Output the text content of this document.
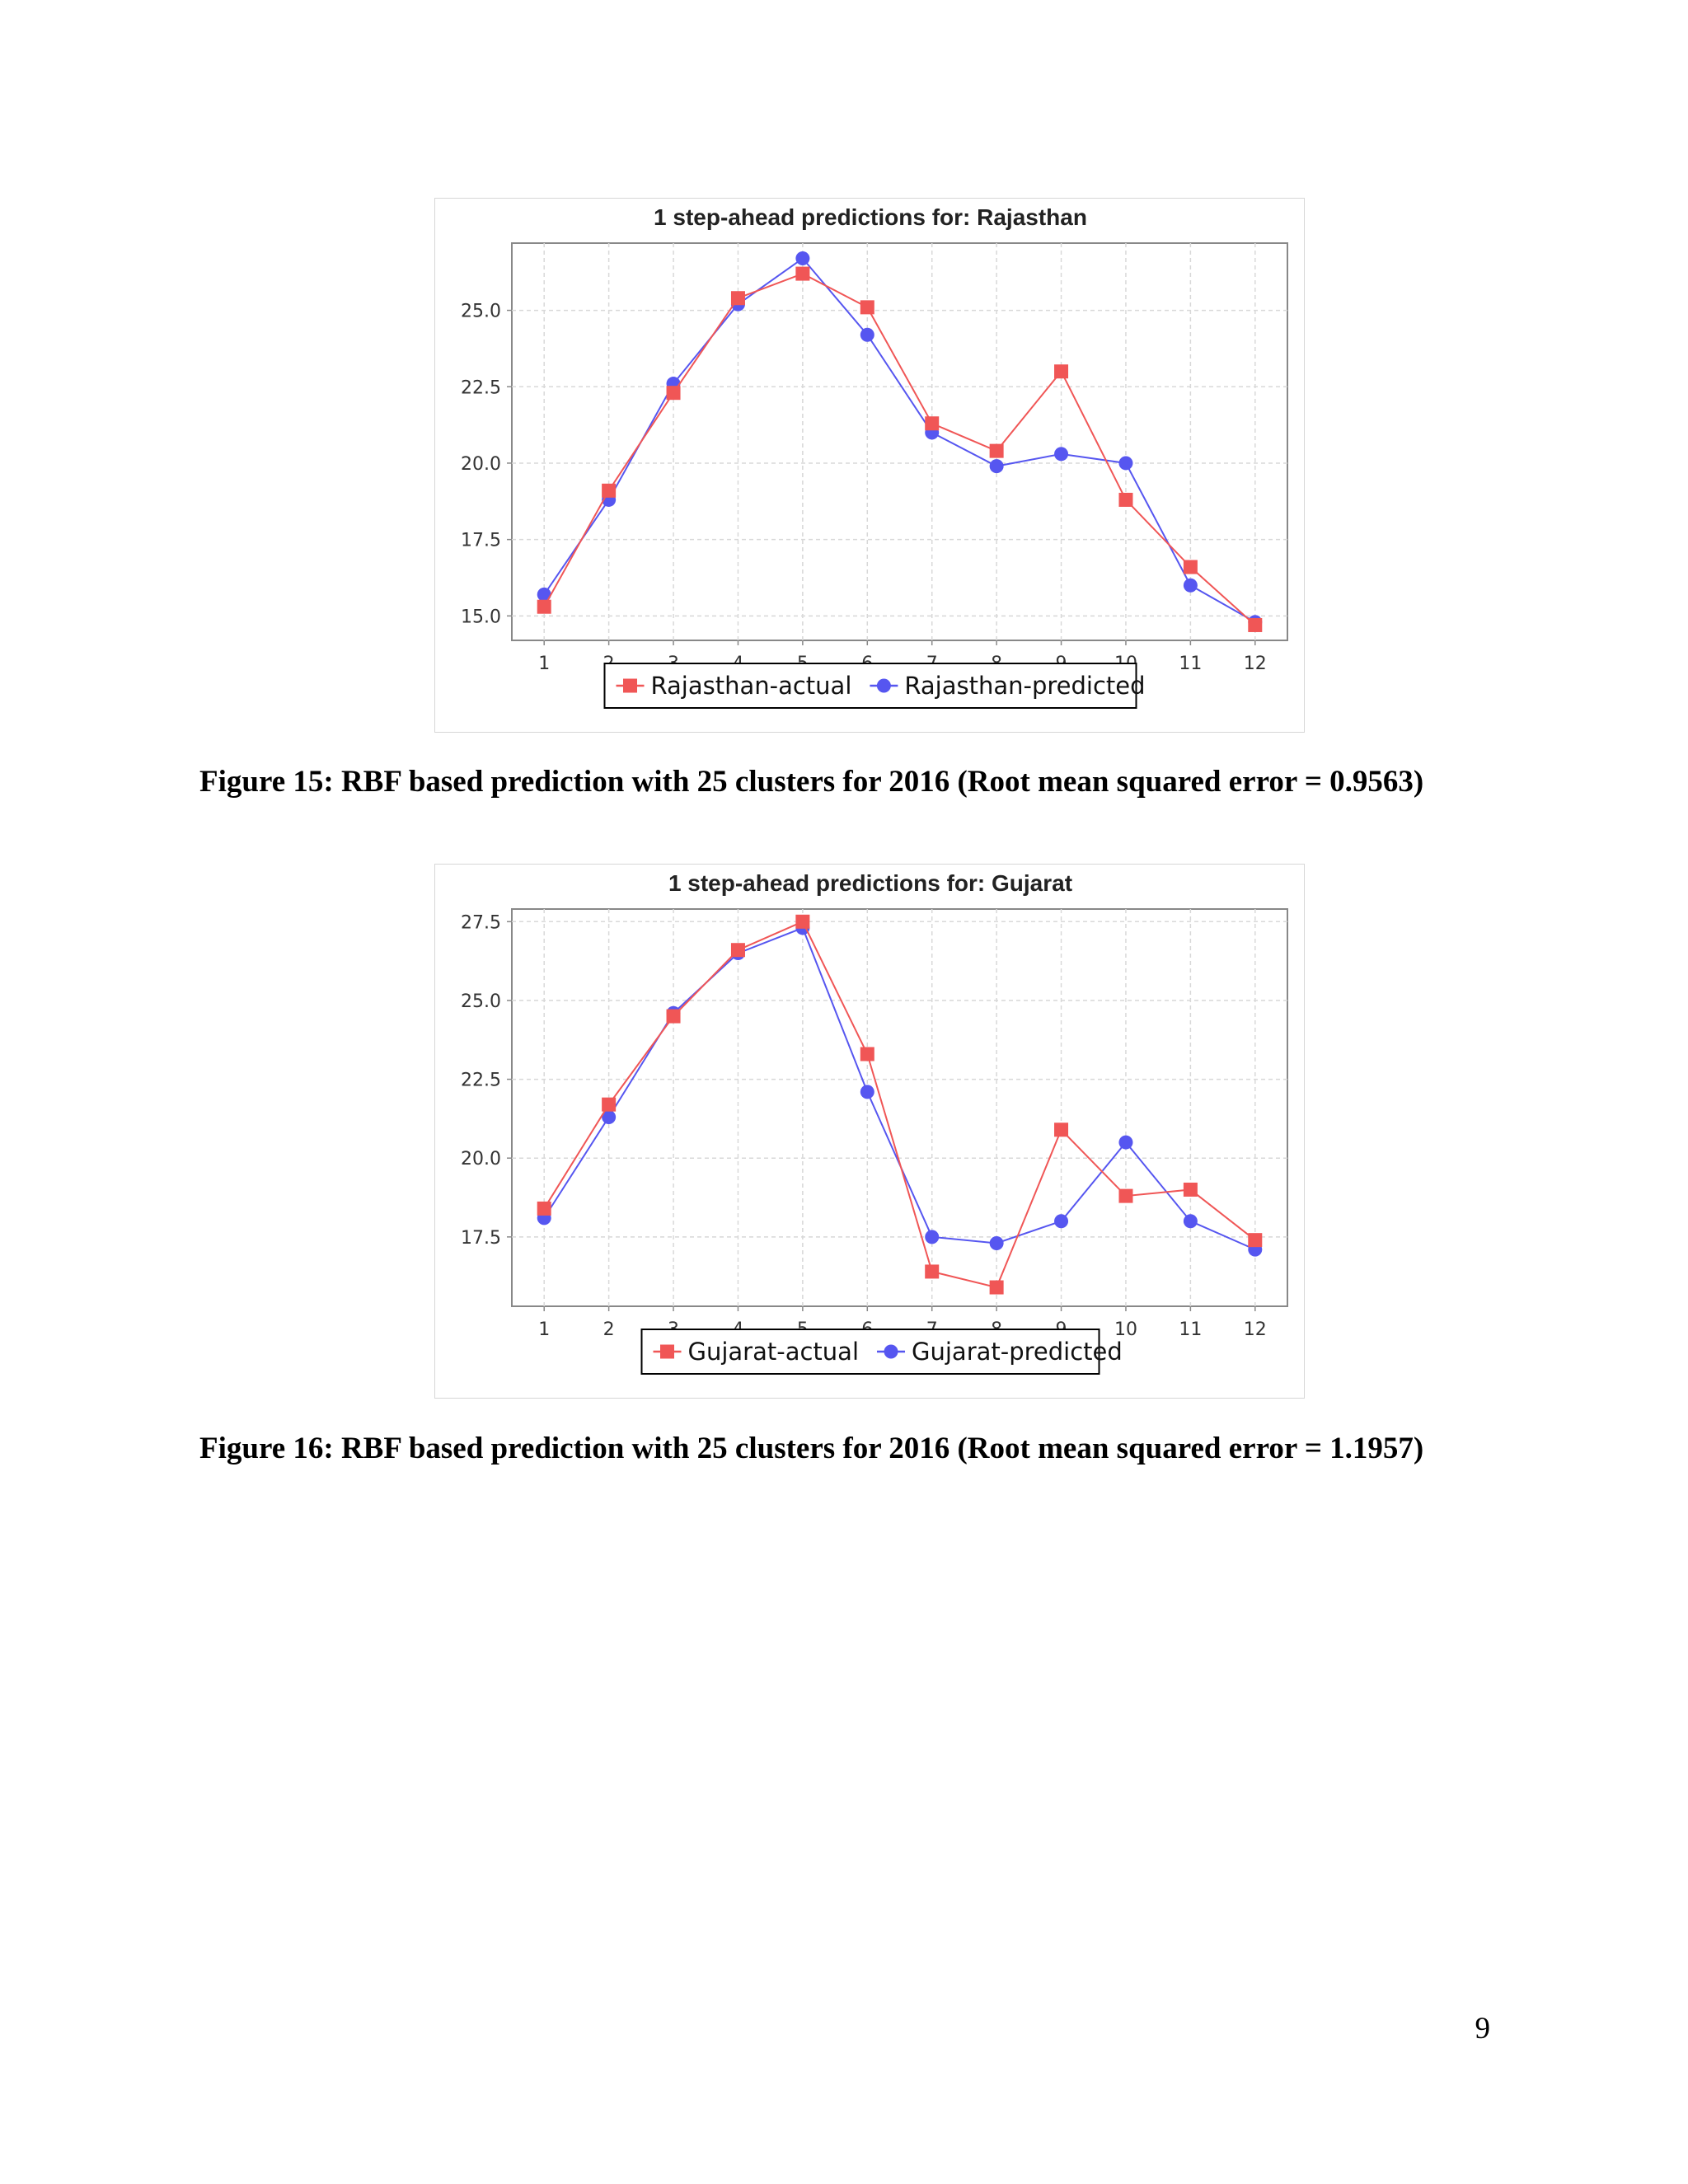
1 step-ahead predictions for: Rajasthan
15.0
17.5
20.0
22.5
25.0
1	11 12
Rajasthan-actual Rajasthan-predicted
Figure 15: RBF based prediction with 25 clusters for 2016 (Root mean squared error = 0.9563)
1 step-ahead predictions for: Gujarat
17.5
20.0
22.5
25.0
27.5
1	2	10 11 12
Gujarat-actual Gujarat-predicted
Figure 16: RBF based prediction with 25 clusters for 2016 (Root mean squared error = 1.1957)
9
